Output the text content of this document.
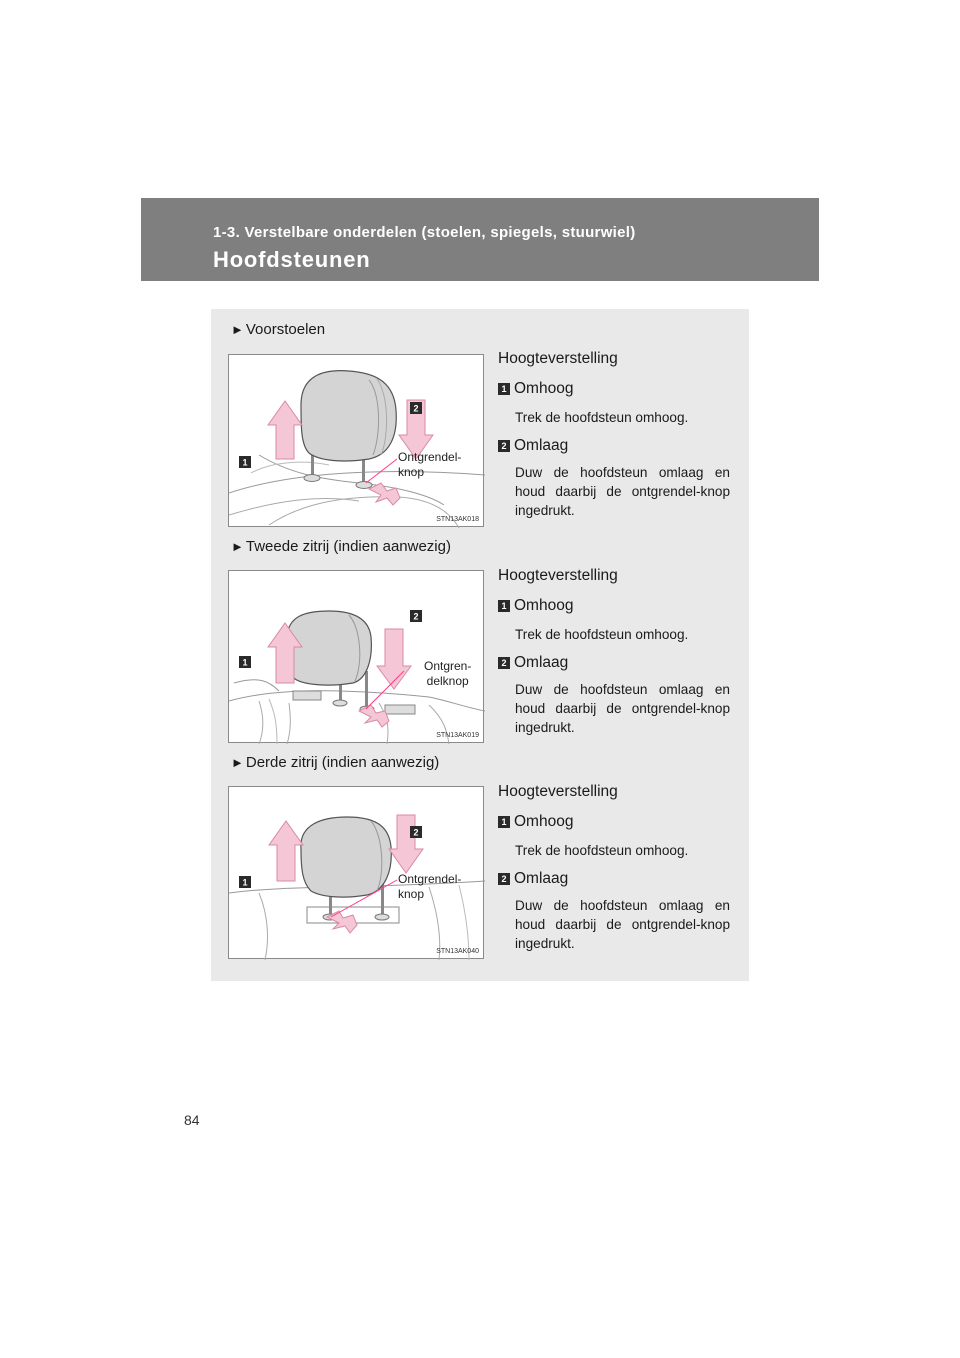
1-3. Verstelbare onderdelen (stoelen, spiegels, stuurwiel)
Hoofdsteunen
► Voorstoelen
1
2
Ontgrendel-
knop
STN13AK018

Hoogteverstelling

1 Omhoog

Trek de hoofdsteun omhoog.

2 Omlaag

Duw de hoofdsteun omlaag en houd daarbij de ontgrendel-knop ingedrukt.

► Tweede zitrij (indien aanwezig)
1
2
Ontgren-
delknop
STN13AK019

Hoogteverstelling

1 Omhoog

Trek de hoofdsteun omhoog.

2 Omlaag

Duw de hoofdsteun omlaag en houd daarbij de ontgrendel-knop ingedrukt.

► Derde zitrij (indien aanwezig)
1
2
Ontgrendel-
knop
STN13AK040

Hoogteverstelling

1 Omhoog

Trek de hoofdsteun omhoog.

2 Omlaag

Duw de hoofdsteun omlaag en houd daarbij de ontgrendel-knop ingedrukt.

84
